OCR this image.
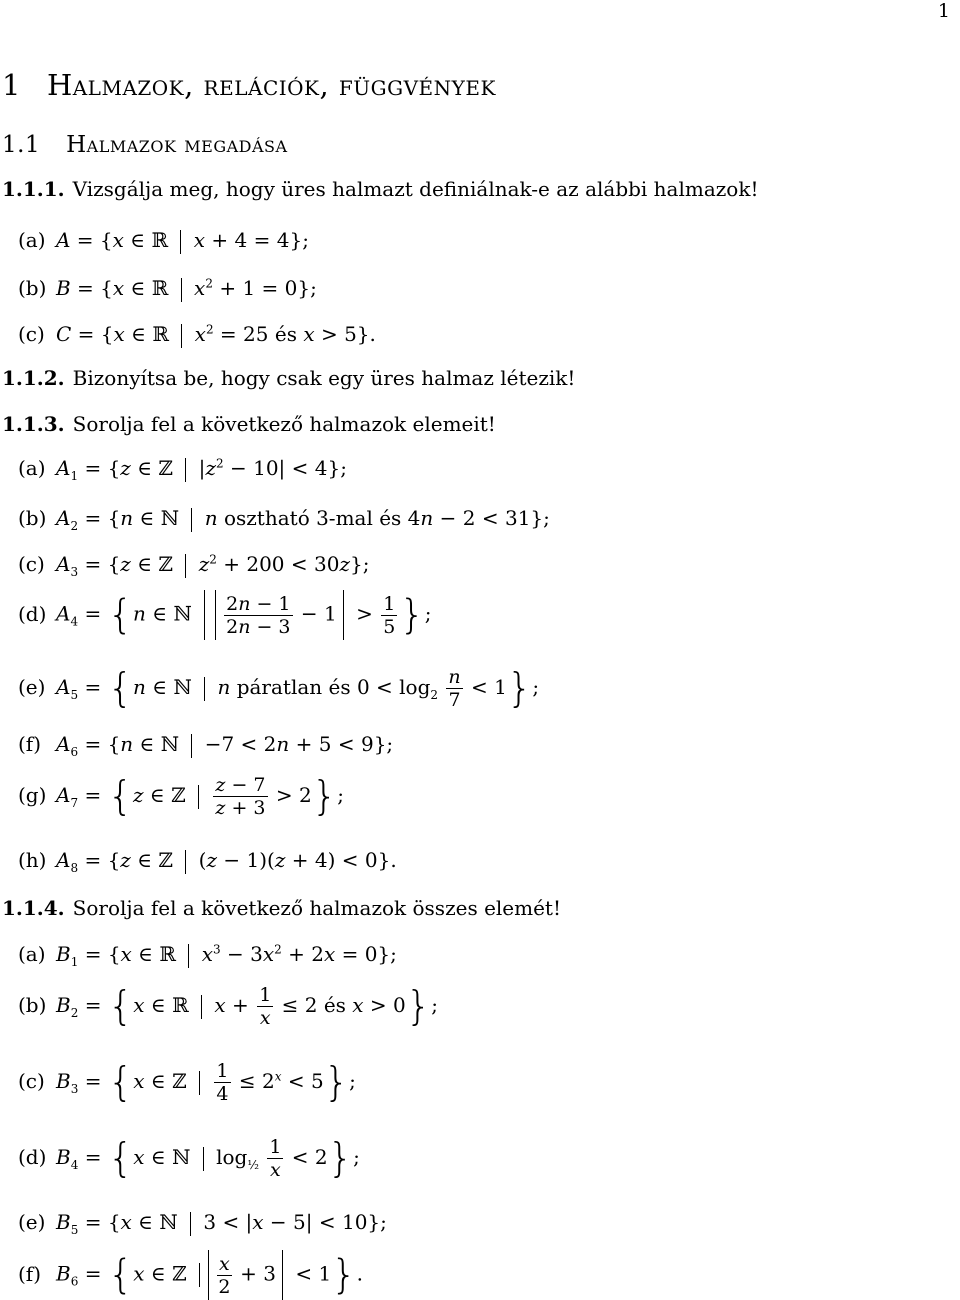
1
1 Halmazok, relációk, függvények
1.1 Halmazok megadása
1.1.1. Vizsgálja meg, hogy üres halmazt definiálnak-e az alábbi halmazok!
(a) A = {x ∈ ℝ  x + 4 = 4};
(b) B = {x ∈ ℝ  $x^2 + 1 = 0$};
(c) C = {x ∈ ℝ  $x^2 = 25$ és x > 5}.
1.1.2. Bizonyítsa be, hogy csak egy üres halmaz létezik!
1.1.3. Sorolja fel a következő halmazok elemeit!
(a) $A_1 = \{z$ ∈ ℤ  $|z^2 - 10| < 4$};
(b) $A_2 = \{n$ ∈ ℕ  n osztható 3-mal és 4n − 2 < 31};
(c) $A_3 = \{z$ ∈ ℤ  $z^2 + 200 < 30z$};
(d) $A_4 = \{n$ ∈ ℕ $\frac{2n - 1}{2n - 3} - 1 > \frac{1}{5}$ };
(e) $A_5 = \{n$ ∈ ℕ  n páratlan és $0 < \log_2 \frac{n}{7} < 1$};
(f) $A_6 = \{n$ ∈ ℕ  −7 < 2n + 5 < 9};
(g) $A_7 = \{z$ ∈ ℤ $\frac{z - 7}{z + 3} > 2$};
(h) $A_8 = \{z$ ∈ ℤ  (z − 1)(z + 4) < 0}.
1.1.4. Sorolja fel a következő halmazok összes elemét!
(a) $B_1 = \{x$ ∈ ℝ  $x^3 - 3x^2 + 2x = 0$};
(b) $B_2 = \{x$ ∈ ℝ  $x + \frac{1}{x} \le 2$ és x > 0};
(c) $B_3 = \{x$ ∈ ℤ $\frac{1}{4} \le 2^x < 5$};
(d) $B_4 = \{x$ ∈ ℕ  $\log_{\frac{1}{2}} \frac{1}{x} < 2$};
(e) $B_5 = \{x$ ∈ ℕ  3 < |x − 5| < 10};
(f) $B_6 = \{x$ ∈ ℤ $\frac{x}{2} + 3 < 1$}.
